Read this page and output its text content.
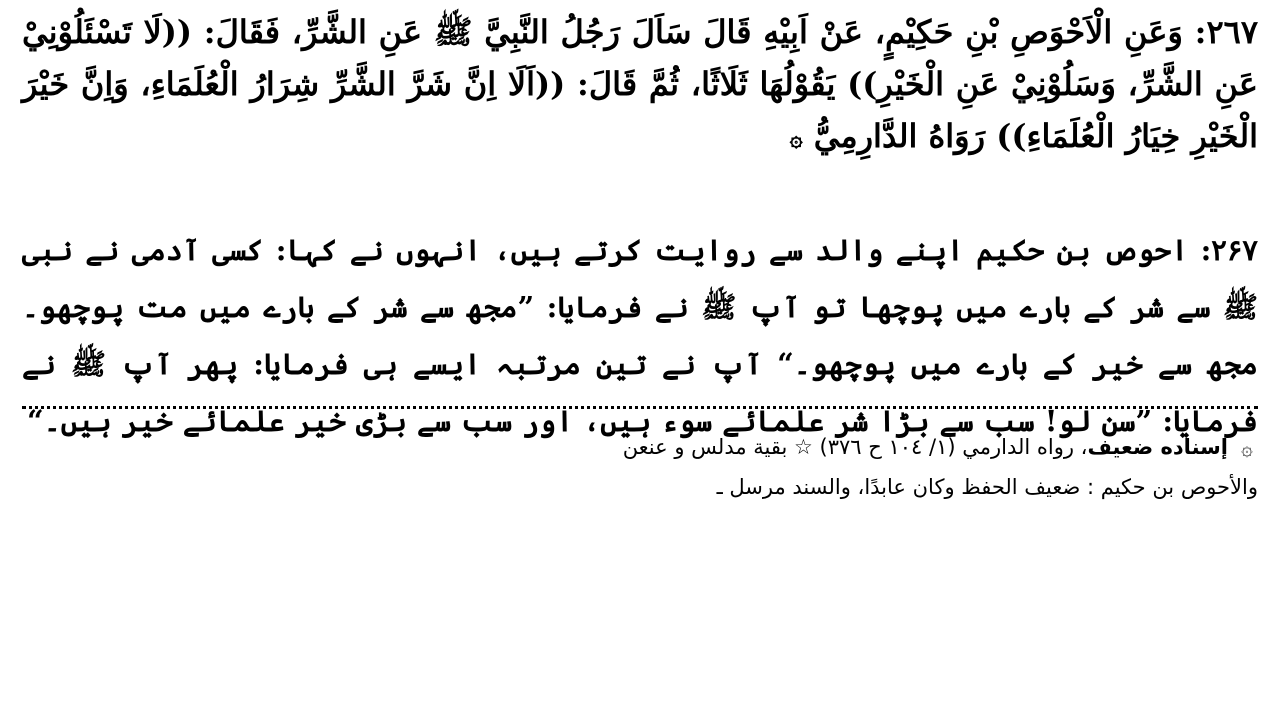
٢٦٧: وَعَنِ الْاَحْوَصِ بْنِ حَكِيْمٍ، عَنْ اَبِيْهِ قَالَ سَاَلَ رَجُلُ النَّبِيَّ ﷺ عَنِ الشَّرِّ، فَقَالَ: ((لَا تَسْئَلُوْنِيْ عَنِ الشَّرِّ، وَسَلُوْنِيْ عَنِ الْخَيْرِ)) يَقُوْلُهَا ثَلَاثًا، ثُمَّ قَالَ: ((اَلَا اِنَّ شَرَّ الشَّرِّ شِرَارُ الْعُلَمَاءِ، وَاِنَّ خَيْرَ الْخَيْرِ خِيَارُ الْعُلَمَاءِ)) رَوَاهُ الدَّارِمِيُّ ۞

۲۶۷: احوص بن حکیم اپنے والد سے روایت کرتے ہیں، انہوں نے کہا: کسی آدمی نے نبی ﷺ سے شر کے بارے میں پوچھا تو آپ ﷺ نے فرمایا: ”مجھ سے شر کے بارے میں مت پوچھو۔ مجھ سے خیر کے بارے میں پوچھو۔“ آپ نے تین مرتبہ ایسے ہی فرمایا: پھر آپ ﷺ نے فرمایا: ”سن لو! سب سے بڑا شر علمائے سوء ہیں، اور سب سے بڑی خیر علمائے خیر ہیں۔“

۞إسناده ضعيف، رواه الدارمي (١/ ١٠٤ ح ٣٧٦) ☆ بقية مدلس و عنعن
والأحوص بن حكيم : ضعيف الحفظ وكان عابدًا، والسند مرسل ـ
